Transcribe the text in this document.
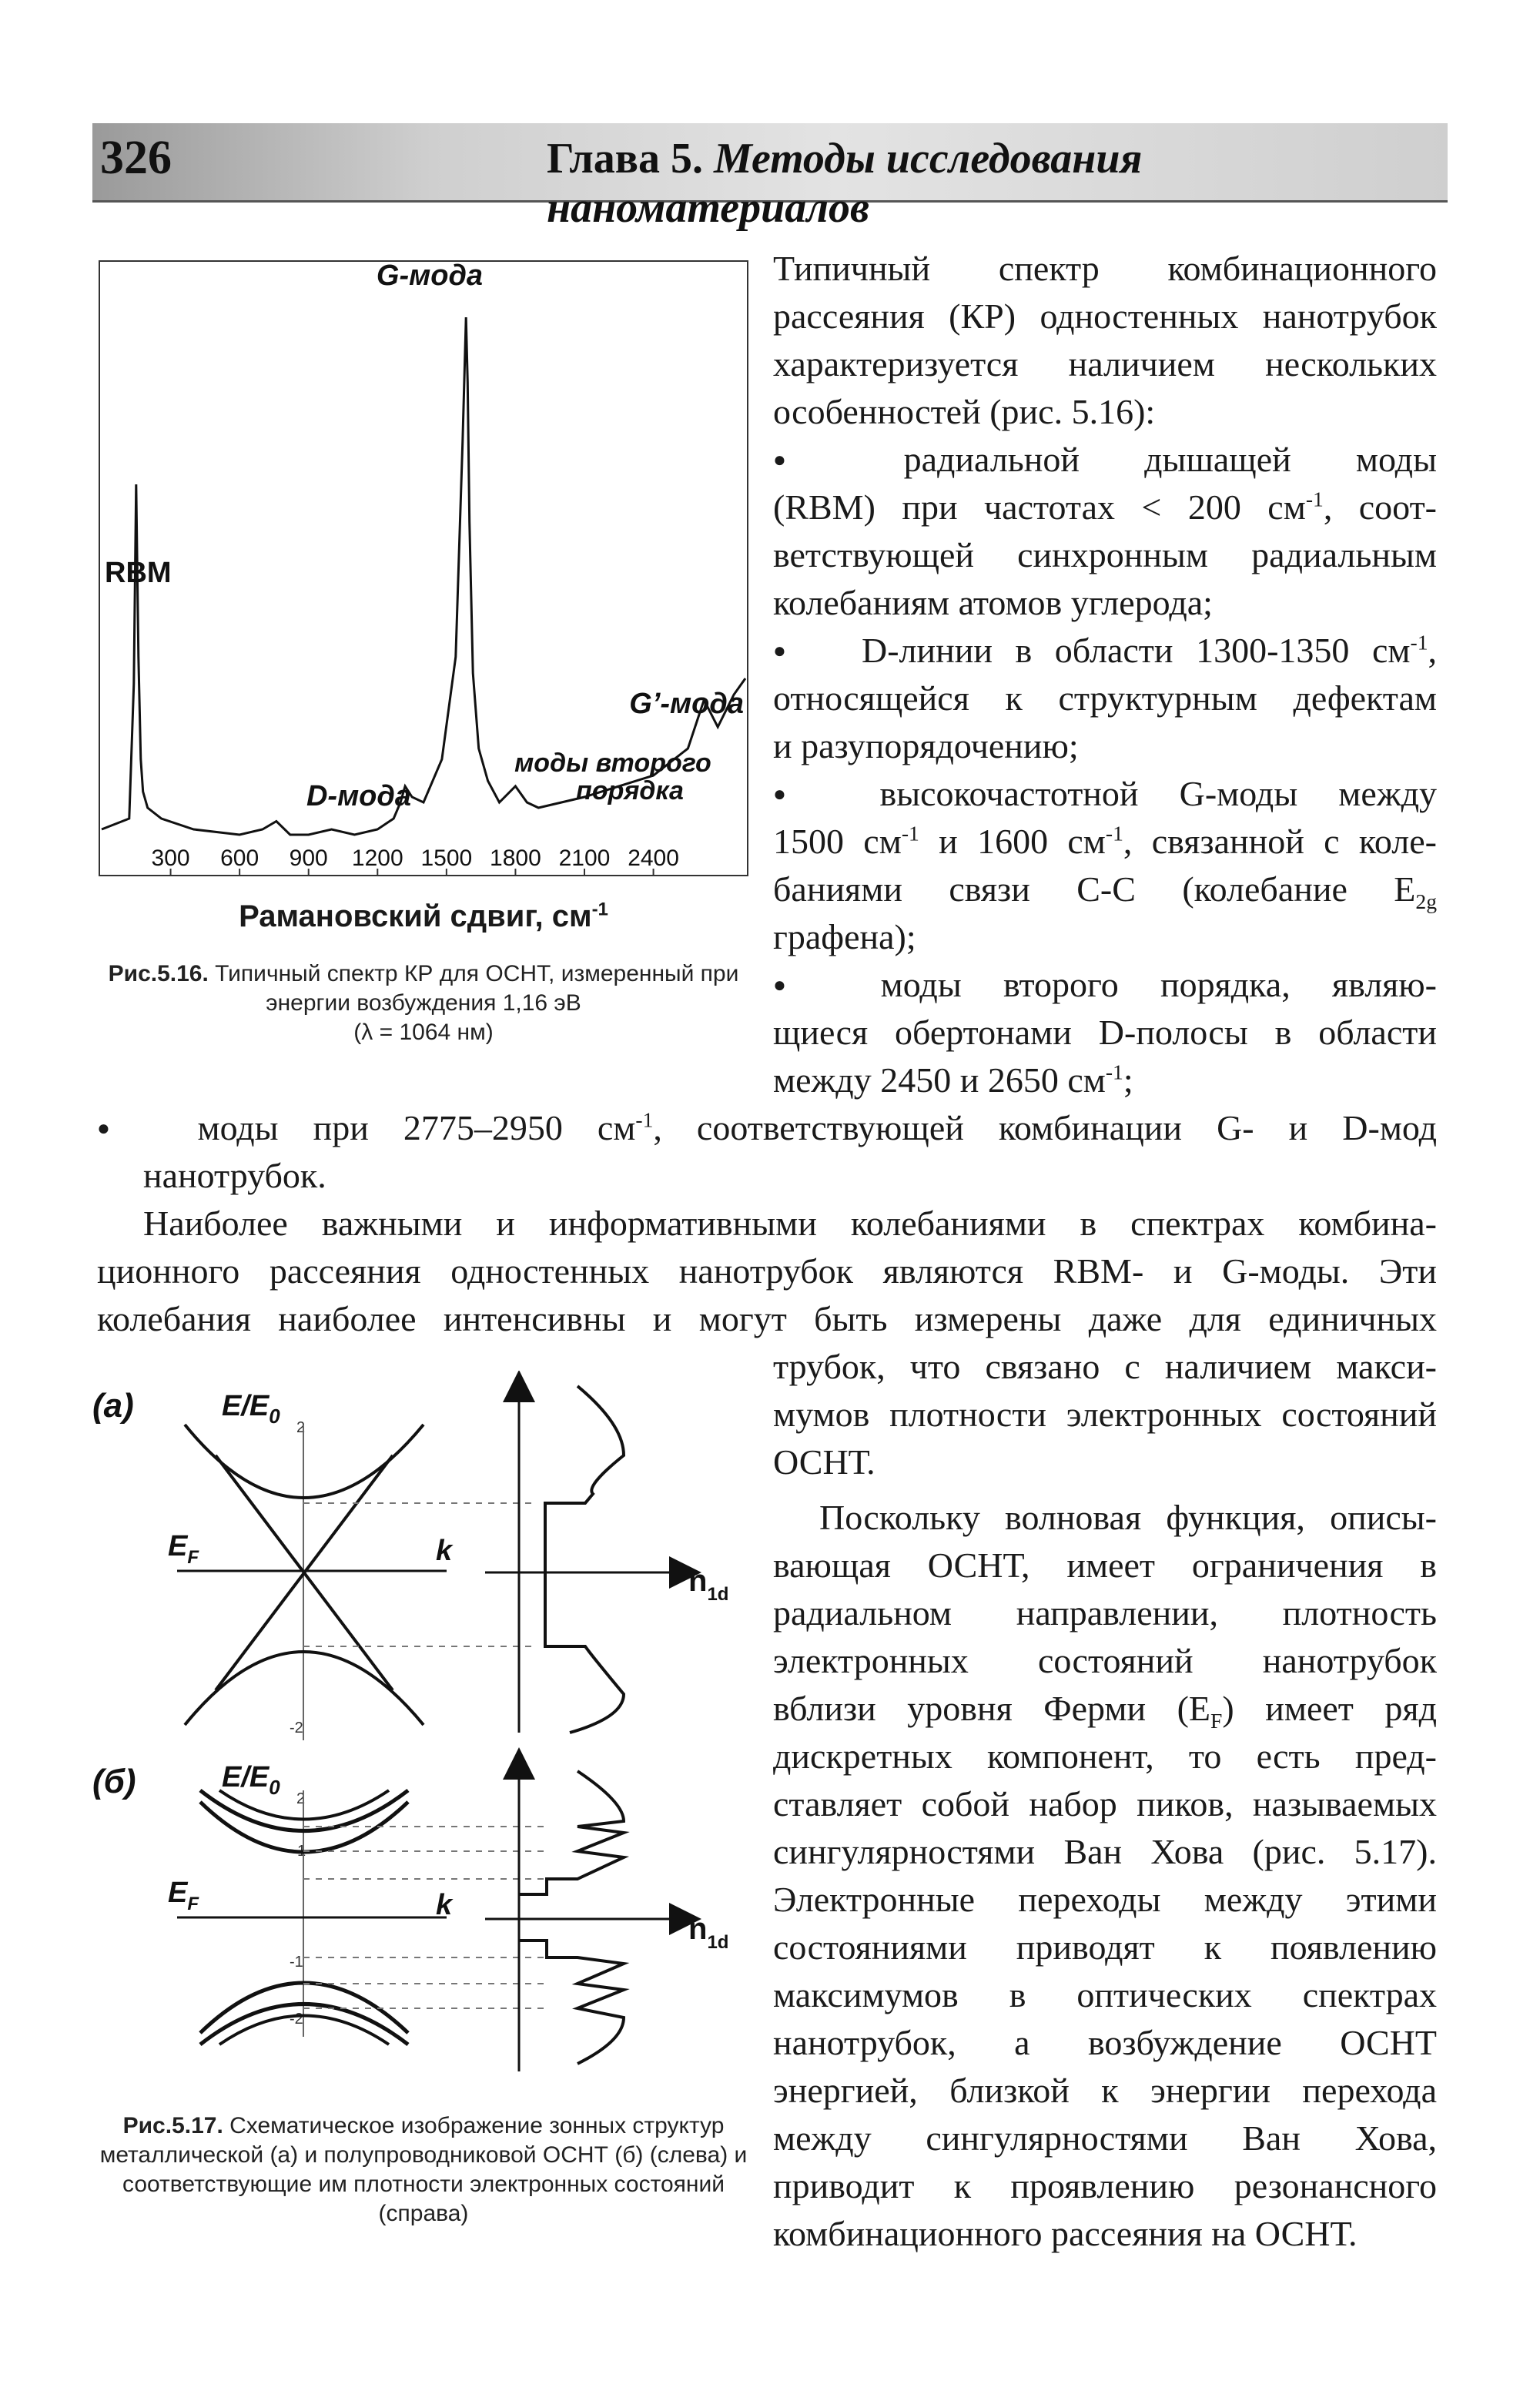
326	Глава 5. Методы исследования наноматериалов
G-мода
RBM
G’-мода
моды второго
порядка
D-мода
300 600 900 1200 1500 1800 2100 2400
Рамановский сдвиг, $см^{-1}$
Рис.5.16. Типичный спектр КР для ОСНТ, измеренный при энергии возбуждения 1,16 эВ
(λ = 1064 нм)
Типичный спектр комбинационного
рассеяния (КР) одностенных нанотрубок
характеризуется наличием нескольких
особенностей (рис. 5.16):
● радиальной дышащей моды
(RBM) при частотах < 200 $см^{-1}$, соот-
ветствующей синхронным радиальным
колебаниям атомов углерода;
● D-линии в области 1300-1350 $см^{-1}$,
относящейся к структурным дефектам
и разупорядочению;
● высокочастотной G-моды между
1500 $см^{-1}$ и 1600 $см^{-1}$, связанной с коле-
баниями связи С-С (колебание $E_{2g}$
графена);
● моды второго порядка, являю-
щиеся обертонами D-полосы в области
между 2450 и 2650 $см^{-1}$;
● моды при 2775–2950 $см^{-1}$, соответствующей комбинации G- и D-мод
нанотрубок.
Наиболее важными и информативными колебаниями в спектрах комбина-
ционного рассеяния одностенных нанотрубок являются RBM- и G-моды. Эти
колебания наиболее интенсивны и могут быть измерены даже для единичных
трубок, что связано с наличием макси-
мумов плотности электронных состояний
ОСНТ.
Поскольку волновая функция, описы-
вающая ОСНТ, имеет ограничения в
радиальном направлении, плотность
электронных состояний нанотрубок
вблизи уровня Ферми $(E_F)$ имеет ряд
дискретных компонент, то есть пред-
ставляет собой набор пиков, называемых
сингулярностями Ван Хова (рис. 5.17).
Электронные переходы между этими
состояниями приводят к появлению
максимумов в оптических спектрах
нанотрубок, а возбуждение ОСНТ
энергией, близкой к энергии перехода
между сингулярностями Ван Хова,
приводит к проявлению резонансного
комбинационного рассеяния на ОСНТ.
(а)
(б)
$E/E_0$
$E/E_0$
$E_F$
$E_F$
k
k
$n_{1d}$
$n_{1d}$
2
-2
2
1
-1
-2
Рис.5.17. Схематическое изображение зонных структур металлической (а) и полупроводниковой ОСНТ (б) (слева) и соответствующие им плотности электронных состояний (справа)
